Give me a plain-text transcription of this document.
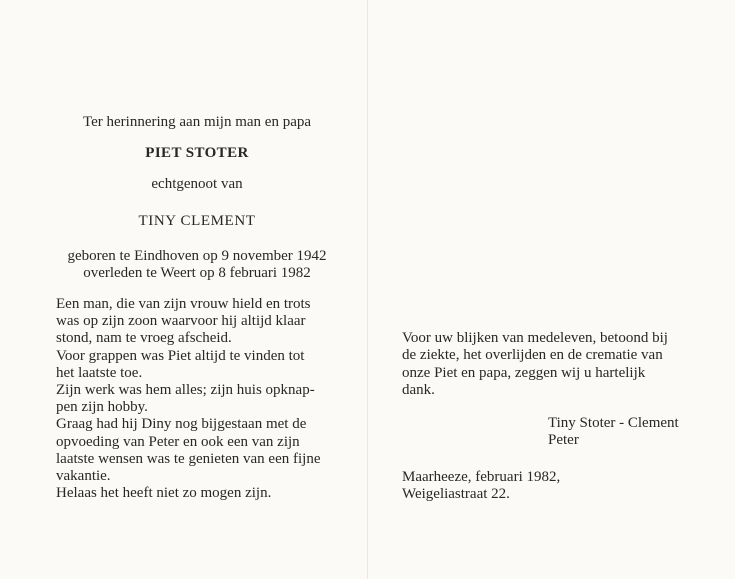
Ter herinnering aan mijn man en papa
PIET STOTER
echtgenoot van
TINY CLEMENT
geboren te Eindhoven op 9 november 1942
overleden te Weert op 8 februari 1982
Een man, die van zijn vrouw hield en trots
was op zijn zoon waarvoor hij altijd klaar
stond, nam te vroeg afscheid.
Voor grappen was Piet altijd te vinden tot
het laatste toe.
Zijn werk was hem alles; zijn huis opknap-
pen zijn hobby.
Graag had hij Diny nog bijgestaan met de
opvoeding van Peter en ook een van zijn
laatste wensen was te genieten van een fijne
vakantie.
Helaas het heeft niet zo mogen zijn.
Voor uw blijken van medeleven, betoond bij
de ziekte, het overlijden en de crematie van
onze Piet en papa, zeggen wij u hartelijk
dank.
Tiny Stoter - Clement
Peter
Maarheeze, februari 1982,
Weigeliastraat 22.
